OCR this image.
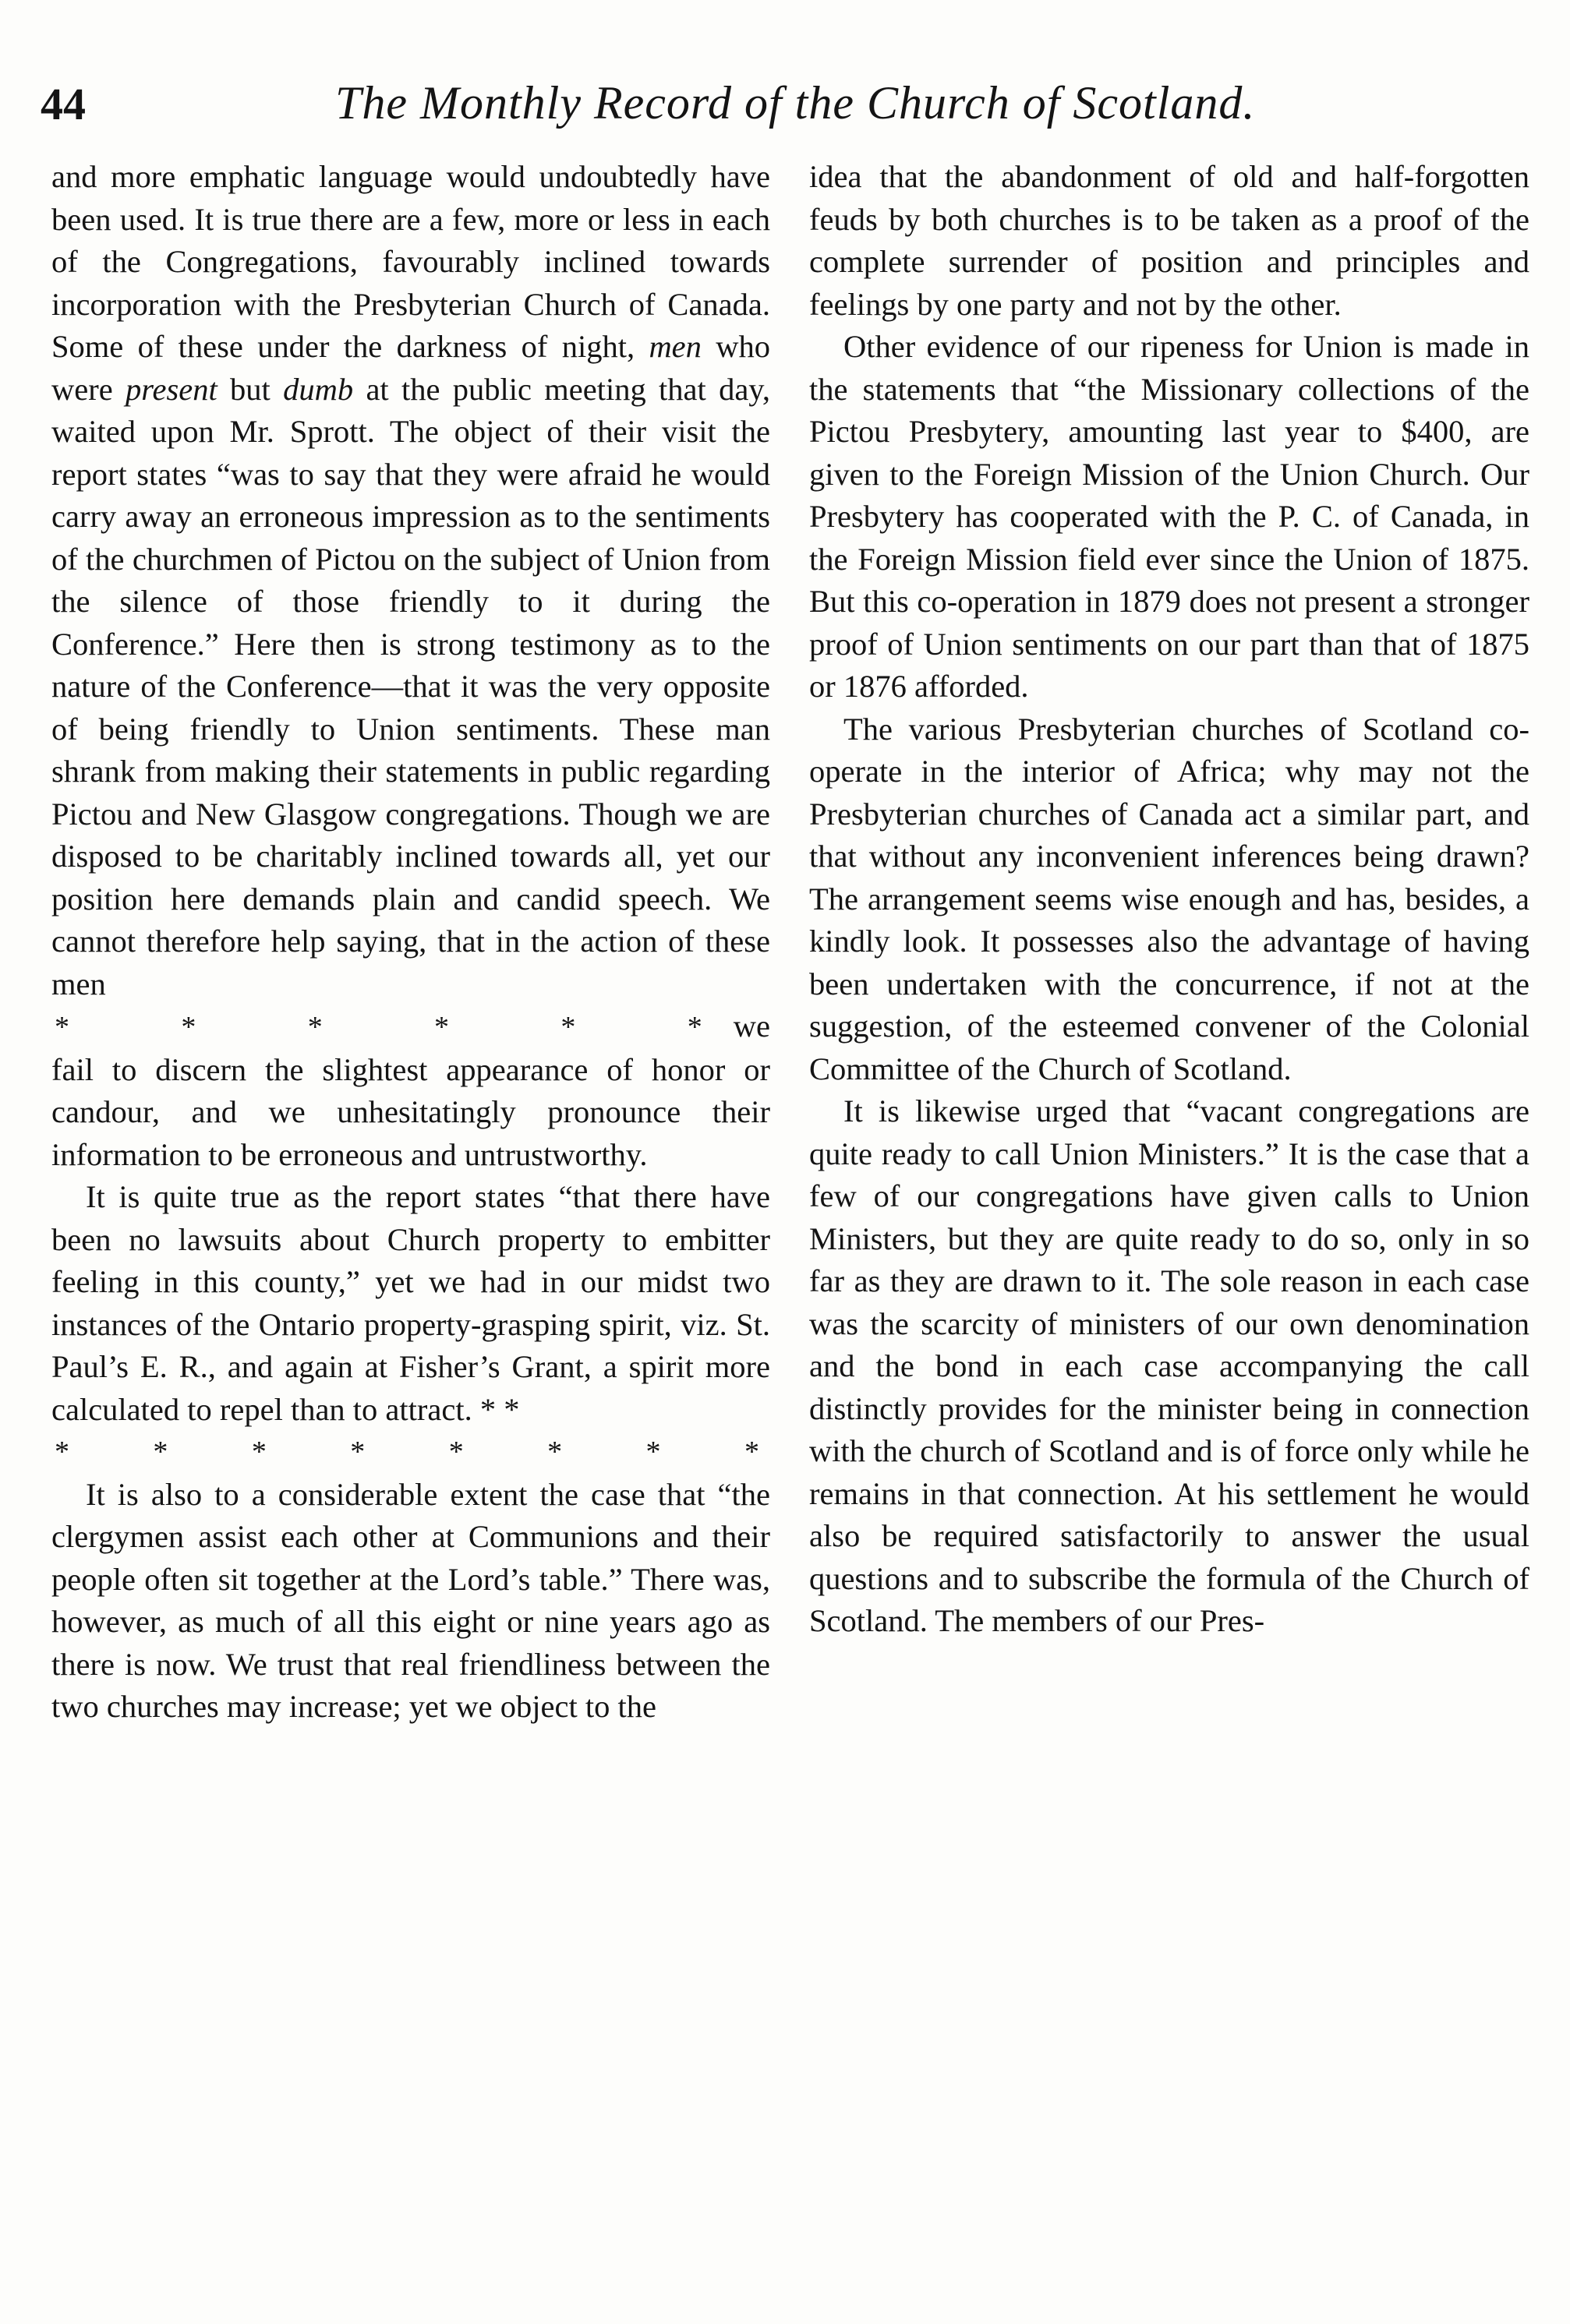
44	The Monthly Record of the Church of Scotland.

and more emphatic language would undoubtedly have been used. It is true there are a few, more or less in each of the Congregations, favourably inclined towards incorporation with the Presbyterian Church of Canada. Some of these under the darkness of night, men who were present but dumb at the public meeting that day, waited upon Mr. Sprott. The object of their visit the report states “was to say that they were afraid he would carry away an erroneous impression as to the sentiments of the churchmen of Pictou on the subject of Union from the silence of those friendly to it during the Conference.” Here then is strong testimony as to the nature of the Conference—that it was the very opposite of being friendly to Union sentiments. These man shrank from making their statements in public regarding Pictou and New Glasgow congregations. Though we are disposed to be charitably inclined towards all, yet our position here demands plain and candid speech. We cannot therefore help saying, that in the action of these men

*	*	*	*	*	* we

fail to discern the slightest appearance of honor or candour, and we unhesitatingly pronounce their information to be erroneous and untrustworthy.

It is quite true as the report states “that there have been no lawsuits about Church property to embitter feeling in this county,” yet we had in our midst two instances of the Ontario property-grasping spirit, viz. St. Paul’s E. R., and again at Fisher’s Grant, a spirit more calculated to repel than to attract. * *

*	*	*	*	*	*	*	*

It is also to a considerable extent the case that “the clergymen assist each other at Communions and their people often sit together at the Lord’s table.” There was, however, as much of all this eight or nine years ago as there is now. We trust that real friendliness between the two churches may increase; yet we object to the

idea that the abandonment of old and half-forgotten feuds by both churches is to be taken as a proof of the complete surrender of position and principles and feelings by one party and not by the other.

Other evidence of our ripeness for Union is made in the statements that “the Missionary collections of the Pictou Presbytery, amounting last year to $400, are given to the Foreign Mission of the Union Church. Our Presbytery has cooperated with the P. C. of Canada, in the Foreign Mission field ever since the Union of 1875. But this co-operation in 1879 does not present a stronger proof of Union sentiments on our part than that of 1875 or 1876 afforded.

The various Presbyterian churches of Scotland co-operate in the interior of Africa; why may not the Presbyterian churches of Canada act a similar part, and that without any inconvenient inferences being drawn? The arrangement seems wise enough and has, besides, a kindly look. It possesses also the advantage of having been undertaken with the concurrence, if not at the suggestion, of the esteemed convener of the Colonial Committee of the Church of Scotland.

It is likewise urged that “vacant congregations are quite ready to call Union Ministers.” It is the case that a few of our congregations have given calls to Union Ministers, but they are quite ready to do so, only in so far as they are drawn to it. The sole reason in each case was the scarcity of ministers of our own denomination and the bond in each case accompanying the call distinctly provides for the minister being in connection with the church of Scotland and is of force only while he remains in that connection. At his settlement he would also be required satisfactorily to answer the usual questions and to subscribe the formula of the Church of Scotland. The members of our Pres-
